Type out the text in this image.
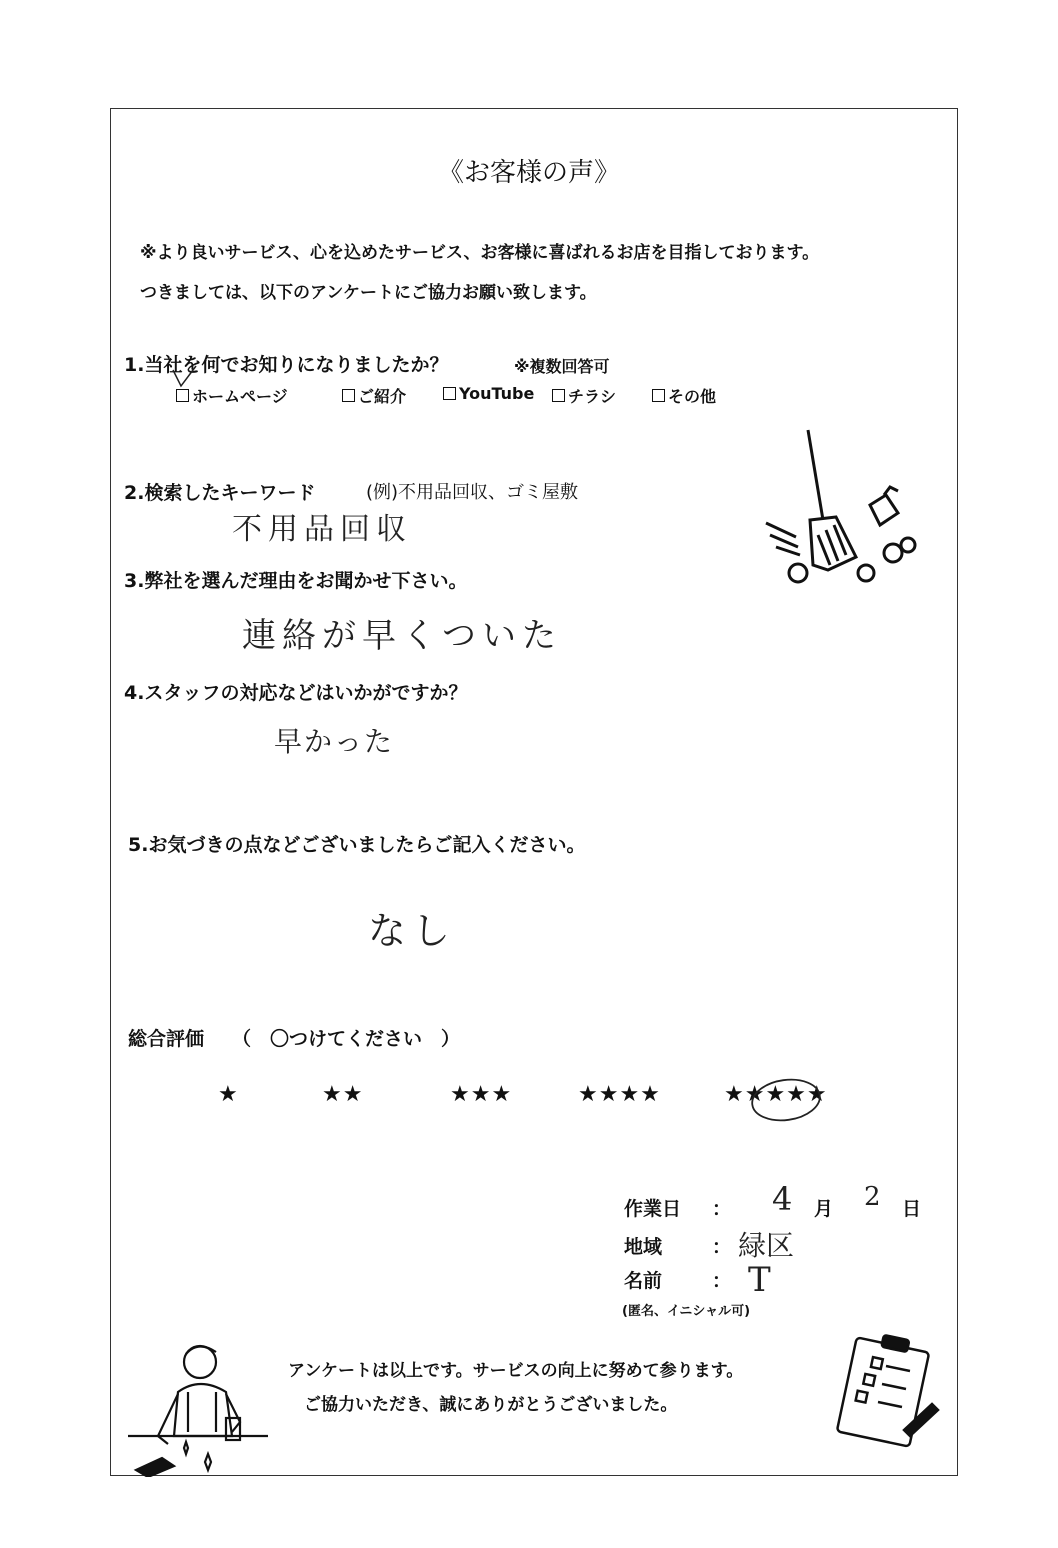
《お客様の声》
※より良いサービス、心を込めたサービス、お客様に喜ばれるお店を目指しております。
つきましては、以下のアンケートにご協力お願い致します。
1.当社を何でお知りになりましたか？	※複数回答可
ホームページ	ご紹介	YouTube チラシ	その他
2.検索したキーワード	(例)不用品回収、ゴミ屋敷
不用品回収
3.弊社を選んだ理由をお聞かせ下さい。
連絡が早くついた
4.スタッフの対応などはいかがですか？
早かった
5.お気づきの点などございましたらご記入ください。
なし
総合評価 （　〇つけてください　）
★	★★	★★★	★★★★	★★★★★
作業日 ： 4 月 2 日
地域	： 緑区
名前	： T
(匿名、イニシャル可)
アンケートは以上です。サービスの向上に努めて参ります。
ご協力いただき、誠にありがとうございました。
